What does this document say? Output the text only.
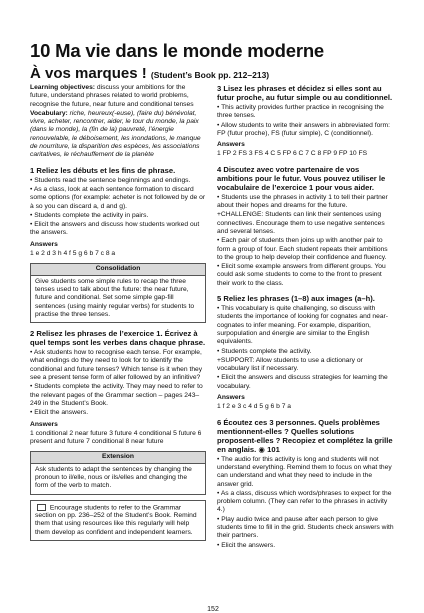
10 Ma vie dans le monde moderne
À vos marques ! (Student’s Book pp. 212–213)

Learning objectives: discuss your ambitions for the future, understand phrases related to world problems, recognise the future, near future and conditional tenses

Vocabulary: riche, heureux(-euse), (faire du) bénévolat, vivre, acheter, rencontrer, aider, le tour du monde, la paix (dans le monde), la (fin de la) pauvreté, l’énergie renouvelable, le déboisement, les inondations, le manque de nourriture, la disparition des espèces, les associations caritatives, le réchauffement de la planète

1 Reliez les débuts et les fins de phrase.

• Students read the sentence beginnings and endings.

• As a class, look at each sentence formation to discard some options (for example: acheter is not followed by de or à so you can discard a, d and g).

• Students complete the activity in pairs.

• Elicit the answers and discuss how students worked out the answers.

Answers

1 e 2 d 3 h 4 f 5 g 6 b 7 c 8 a

Consolidation
Give students some simple rules to recap the three tenses used to talk about the future: the near future, future and conditional. Set some simple gap-fill sentences (using mainly regular verbs) for students to practise the three tenses.
2 Relisez les phrases de l’exercice 1. Écrivez à quel temps sont les verbes dans chaque phrase.

• Ask students how to recognise each tense. For example, what endings do they need to look for to identify the conditional and future tenses? Which tense is it when they see a present tense form of aller followed by an infinitive?

• Students complete the activity. They may need to refer to the relevant pages of the Grammar section – pages 243–249 in the Student’s Book.

• Elicit the answers.

Answers

1 conditional 2 near future 3 future 4 conditional 5 future 6 present and future 7 conditional 8 near future

Extension
Ask students to adapt the sentences by changing the pronoun to il/elle, nous or ils/elles and changing the form of the verb to match.
Encourage students to refer to the Grammar section on pp. 236–252 of the Student’s Book. Remind them that using resources like this regularly will help them develop as confident and independent learners.
3 Lisez les phrases et décidez si elles sont au futur proche, au futur simple ou au conditionnel.

• This activity provides further practice in recognising the three tenses.

• Allow students to write their answers in abbreviated form: FP (futur proche), FS (futur simple), C (conditionnel).

Answers

1 FP 2 FS 3 FS 4 C 5 FP 6 C 7 C 8 FP 9 FP 10 FS

4 Discutez avec votre partenaire de vos ambitions pour le futur. Vous pouvez utiliser le vocabulaire de l’exercice 1 pour vous aider.

• Students use the phrases in activity 1 to tell their partner about their hopes and dreams for the future.

+CHALLENGE: Students can link their sentences using connectives. Encourage them to use negative sentences and several tenses.

• Each pair of students then joins up with another pair to form a group of four. Each student repeats their ambitions to the group to help develop their confidence and fluency.

• Elicit some example answers from different groups. You could ask some students to come to the front to present their work to the class.

5 Reliez les phrases (1–8) aux images (a–h).

• This vocabulary is quite challenging, so discuss with students the importance of looking for cognates and near-cognates to infer meaning. For example, disparition, surpopulation and énergie are similar to the English equivalents.

• Students complete the activity.

+SUPPORT: Allow students to use a dictionary or vocabulary list if necessary.

• Elicit the answers and discuss strategies for learning the vocabulary.

Answers

1 f 2 e 3 c 4 d 5 g 6 b 7 a

6 Écoutez ces 3 personnes. Quels problèmes mentionnent-elles ? Quelles solutions proposent-elles ? Recopiez et complétez la grille en anglais. ◉ 101

• The audio for this activity is long and students will not understand everything. Remind them to focus on what they can understand and what they need to include in the answer grid.

• As a class, discuss which words/phrases to expect for the problem column. (They can refer to the phrases in activity 4.)

• Play audio twice and pause after each person to give students time to fill in the grid. Students check answers with their partners.

• Elicit the answers.

152
